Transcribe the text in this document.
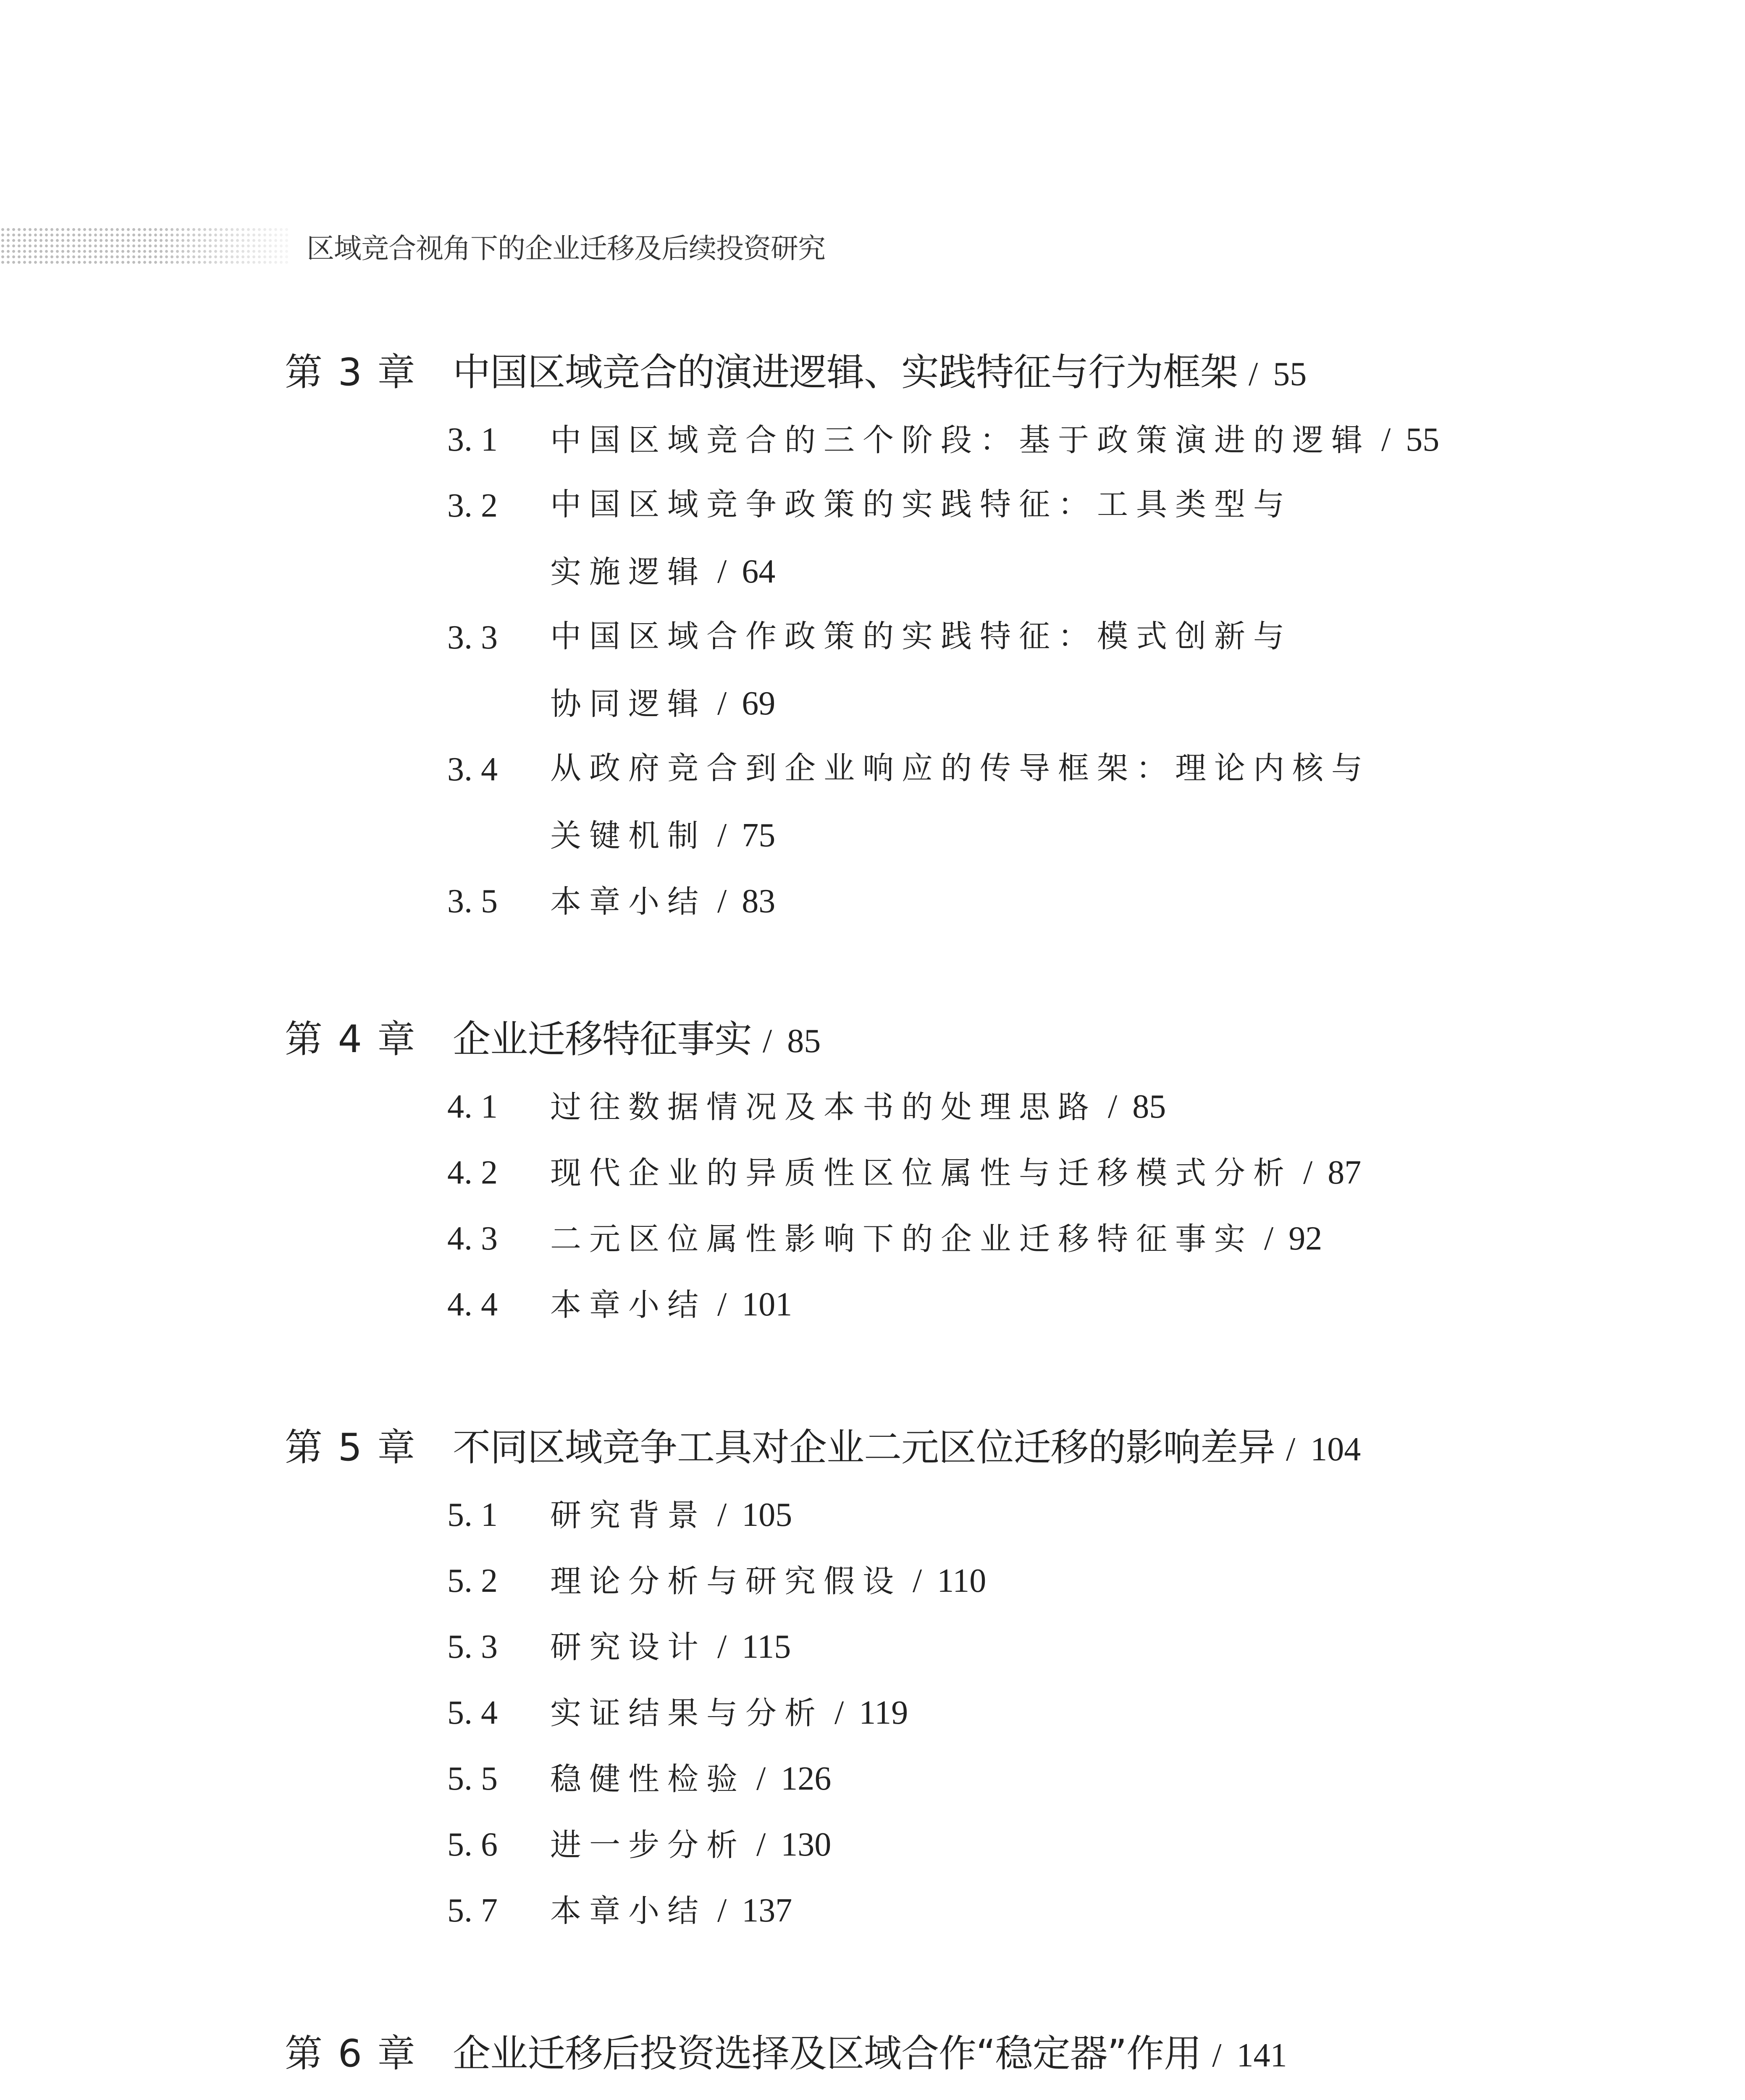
区域竞合视角下的企业迁移及后续投资研究
第 3 章 中国区域竞合的演进逻辑、实践特征与行为框架 / 55
3. 1 中国区域竞合的三个阶段：基于政策演进的逻辑 / 55
3. 2 中国区域竞争政策的实践特征：工具类型与
实施逻辑 / 64
3. 3 中国区域合作政策的实践特征：模式创新与
协同逻辑 / 69
3. 4 从政府竞合到企业响应的传导框架：理论内核与
关键机制 / 75
3. 5 本章小结 / 83
第 4 章 企业迁移特征事实 / 85
4. 1 过往数据情况及本书的处理思路 / 85
4. 2 现代企业的异质性区位属性与迁移模式分析 / 87
4. 3 二元区位属性影响下的企业迁移特征事实 / 92
4. 4 本章小结 / 101
第 5 章 不同区域竞争工具对企业二元区位迁移的影响差异 / 104
5. 1 研究背景 / 105
5. 2 理论分析与研究假设 / 110
5. 3 研究设计 / 115
5. 4 实证结果与分析 / 119
5. 5 稳健性检验 / 126
5. 6 进一步分析 / 130
5. 7 本章小结 / 137
第 6 章 企业迁移后投资选择及区域合作“稳定器”作用 / 141
